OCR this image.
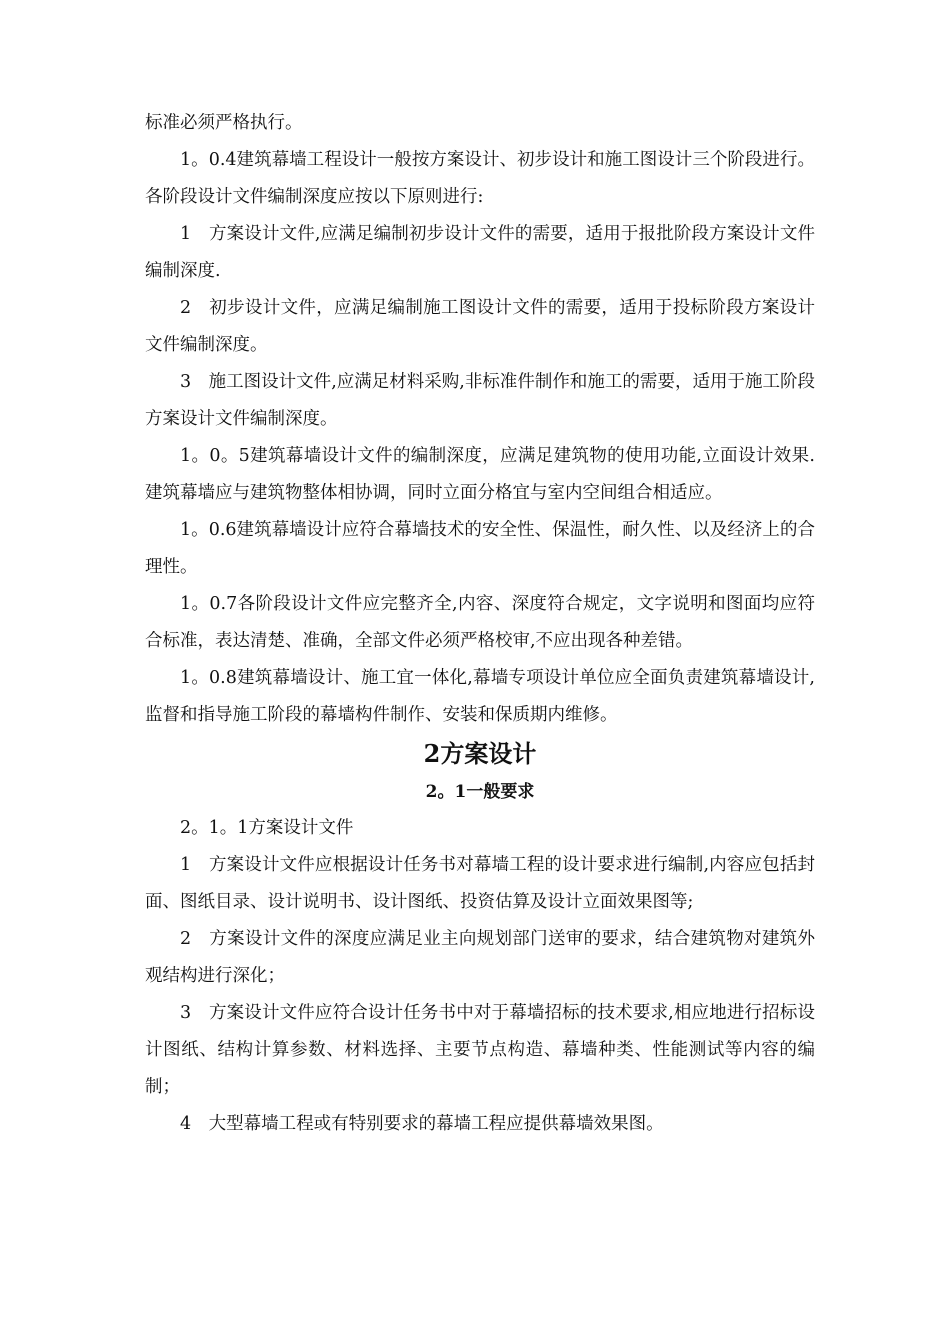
标准必须严格执行。

1。0.4建筑幕墙工程设计一般按方案设计、初步设计和施工图设计三个阶段进行。各阶段设计文件编制深度应按以下原则进行:

1　方案设计文件,应满足编制初步设计文件的需要，适用于报批阶段方案设计文件编制深度.

2　初步设计文件，应满足编制施工图设计文件的需要，适用于投标阶段方案设计文件编制深度。

3　施工图设计文件,应满足材料采购,非标准件制作和施工的需要，适用于施工阶段方案设计文件编制深度。

1。0。5建筑幕墙设计文件的编制深度，应满足建筑物的使用功能,立面设计效果.建筑幕墙应与建筑物整体相协调，同时立面分格宜与室内空间组合相适应。

1。0.6建筑幕墙设计应符合幕墙技术的安全性、保温性，耐久性、以及经济上的合理性。

1。0.7各阶段设计文件应完整齐全,内容、深度符合规定，文字说明和图面均应符合标准，表达清楚、准确，全部文件必须严格校审,不应出现各种差错。

1。0.8建筑幕墙设计、施工宜一体化,幕墙专项设计单位应全面负责建筑幕墙设计,监督和指导施工阶段的幕墙构件制作、安装和保质期内维修。

2方案设计
2。1一般要求

2。1。1方案设计文件

1　方案设计文件应根据设计任务书对幕墙工程的设计要求进行编制,内容应包括封面、图纸目录、设计说明书、设计图纸、投资估算及设计立面效果图等;

2　方案设计文件的深度应满足业主向规划部门送审的要求，结合建筑物对建筑外观结构进行深化；

3　方案设计文件应符合设计任务书中对于幕墙招标的技术要求,相应地进行招标设计图纸、结构计算参数、材料选择、主要节点构造、幕墙种类、性能测试等内容的编制；

4　大型幕墙工程或有特别要求的幕墙工程应提供幕墙效果图。
